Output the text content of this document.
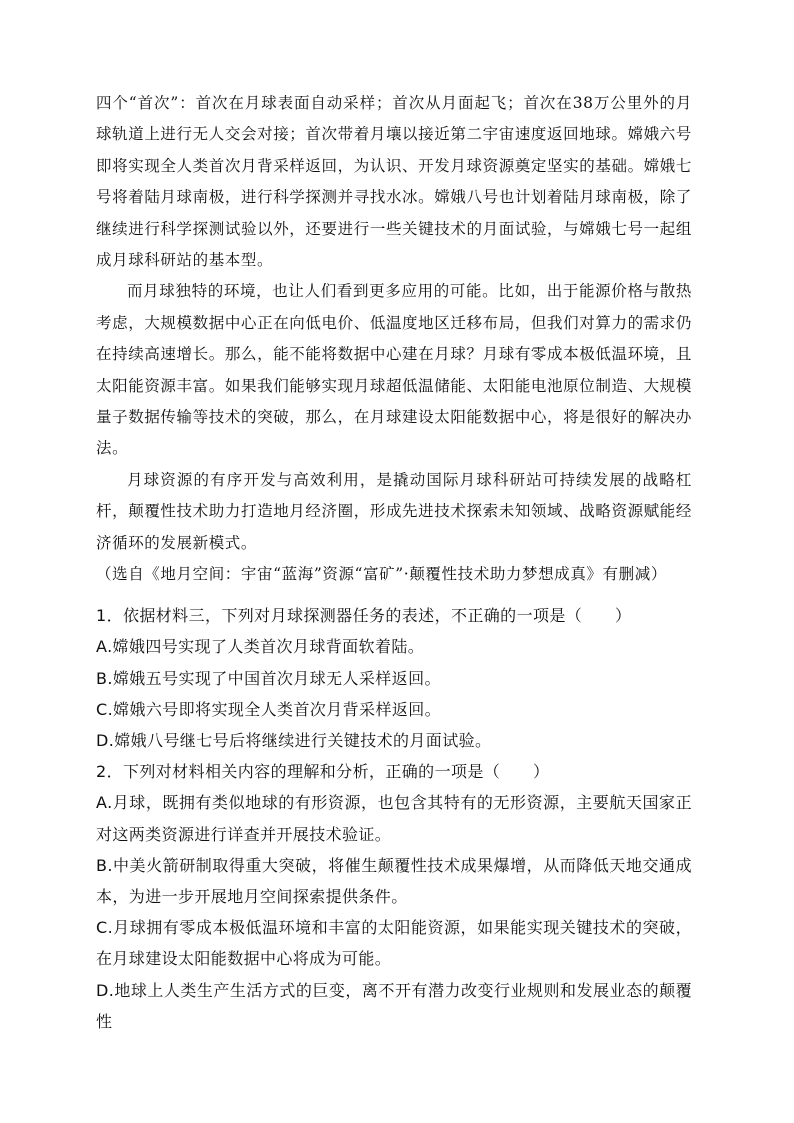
四个“首次”：首次在月球表面自动采样；首次从月面起飞；首次在38万公里外的月球轨道上进行无人交会对接；首次带着月壤以接近第二宇宙速度返回地球。嫦娥六号即将实现全人类首次月背采样返回，为认识、开发月球资源奠定坚实的基础。嫦娥七号将着陆月球南极，进行科学探测并寻找水冰。嫦娥八号也计划着陆月球南极，除了继续进行科学探测试验以外，还要进行一些关键技术的月面试验，与嫦娥七号一起组成月球科研站的基本型。

而月球独特的环境，也让人们看到更多应用的可能。比如，出于能源价格与散热考虑，大规模数据中心正在向低电价、低温度地区迁移布局，但我们对算力的需求仍在持续高速增长。那么，能不能将数据中心建在月球？月球有零成本极低温环境，且太阳能资源丰富。如果我们能够实现月球超低温储能、太阳能电池原位制造、大规模量子数据传输等技术的突破，那么，在月球建设太阳能数据中心，将是很好的解决办法。

月球资源的有序开发与高效利用，是撬动国际月球科研站可持续发展的战略杠杆，颠覆性技术助力打造地月经济圈，形成先进技术探索未知领域、战略资源赋能经济循环的发展新模式。

（选自《地月空间：宇宙“蓝海”资源“富矿”·颠覆性技术助力梦想成真》有删减）

1．依据材料三，下列对月球探测器任务的表述，不正确的一项是（　　）

A.嫦娥四号实现了人类首次月球背面软着陆。

B.嫦娥五号实现了中国首次月球无人采样返回。

C.嫦娥六号即将实现全人类首次月背采样返回。

D.嫦娥八号继七号后将继续进行关键技术的月面试验。

2．下列对材料相关内容的理解和分析，正确的一项是（　　）

A.月球，既拥有类似地球的有形资源，也包含其特有的无形资源，主要航天国家正对这两类资源进行详查并开展技术验证。

B.中美火箭研制取得重大突破，将催生颠覆性技术成果爆增，从而降低天地交通成本，为进一步开展地月空间探索提供条件。

C.月球拥有零成本极低温环境和丰富的太阳能资源，如果能实现关键技术的突破，在月球建设太阳能数据中心将成为可能。

D.地球上人类生产生活方式的巨变，离不开有潜力改变行业规则和发展业态的颠覆性
